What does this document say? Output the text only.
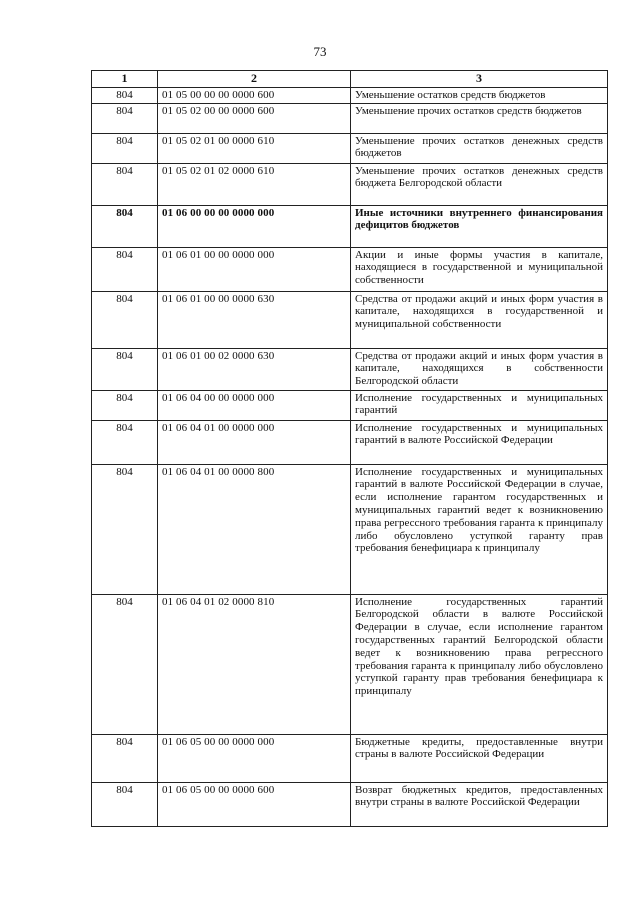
73
1	2	3
804	01 05 00 00 00 0000 600	Уменьшение остатков средств бюджетов
804	01 05 02 00 00 0000 600	Уменьшение прочих остатков средств бюджетов
804	01 05 02 01 00 0000 610	Уменьшение прочих остатков денежных средств бюджетов
804	01 05 02 01 02 0000 610	Уменьшение прочих остатков денежных средств бюджета Белгородской области
804	01 06 00 00 00 0000 000	Иные источники внутреннего финансирования дефицитов бюджетов
804	01 06 01 00 00 0000 000	Акции и иные формы участия в капитале, находящиеся в государственной и муниципальной собственности
804	01 06 01 00 00 0000 630	Средства от продажи акций и иных форм участия в капитале, находящихся в государственной и муниципальной собственности
804	01 06 01 00 02 0000 630	Средства от продажи акций и иных форм участия в капитале, находящихся в собственности Белгородской области
804	01 06 04 00 00 0000 000	Исполнение государственных и муниципальных гарантий
804	01 06 04 01 00 0000 000	Исполнение государственных и муниципальных гарантий в валюте Российской Федерации
804	01 06 04 01 00 0000 800	Исполнение государственных и муниципальных гарантий в валюте Российской Федерации в случае, если исполнение гарантом государственных и муниципальных гарантий ведет к возникновению права регрессного требования гаранта к принципалу либо обусловлено уступкой гаранту прав требования бенефициара к принципалу
804	01 06 04 01 02 0000 810	Исполнение государственных гарантий Белгородской области в валюте Российской Федерации в случае, если исполнение гарантом государственных гарантий Белгородской области ведет к возникновению права регрессного требования гаранта к принципалу либо обусловлено уступкой гаранту прав требования бенефициара к принципалу
804	01 06 05 00 00 0000 000	Бюджетные кредиты, предоставленные внутри страны в валюте Российской Федерации
804	01 06 05 00 00 0000 600	Возврат бюджетных кредитов, предоставленных внутри страны в валюте Российской Федерации
